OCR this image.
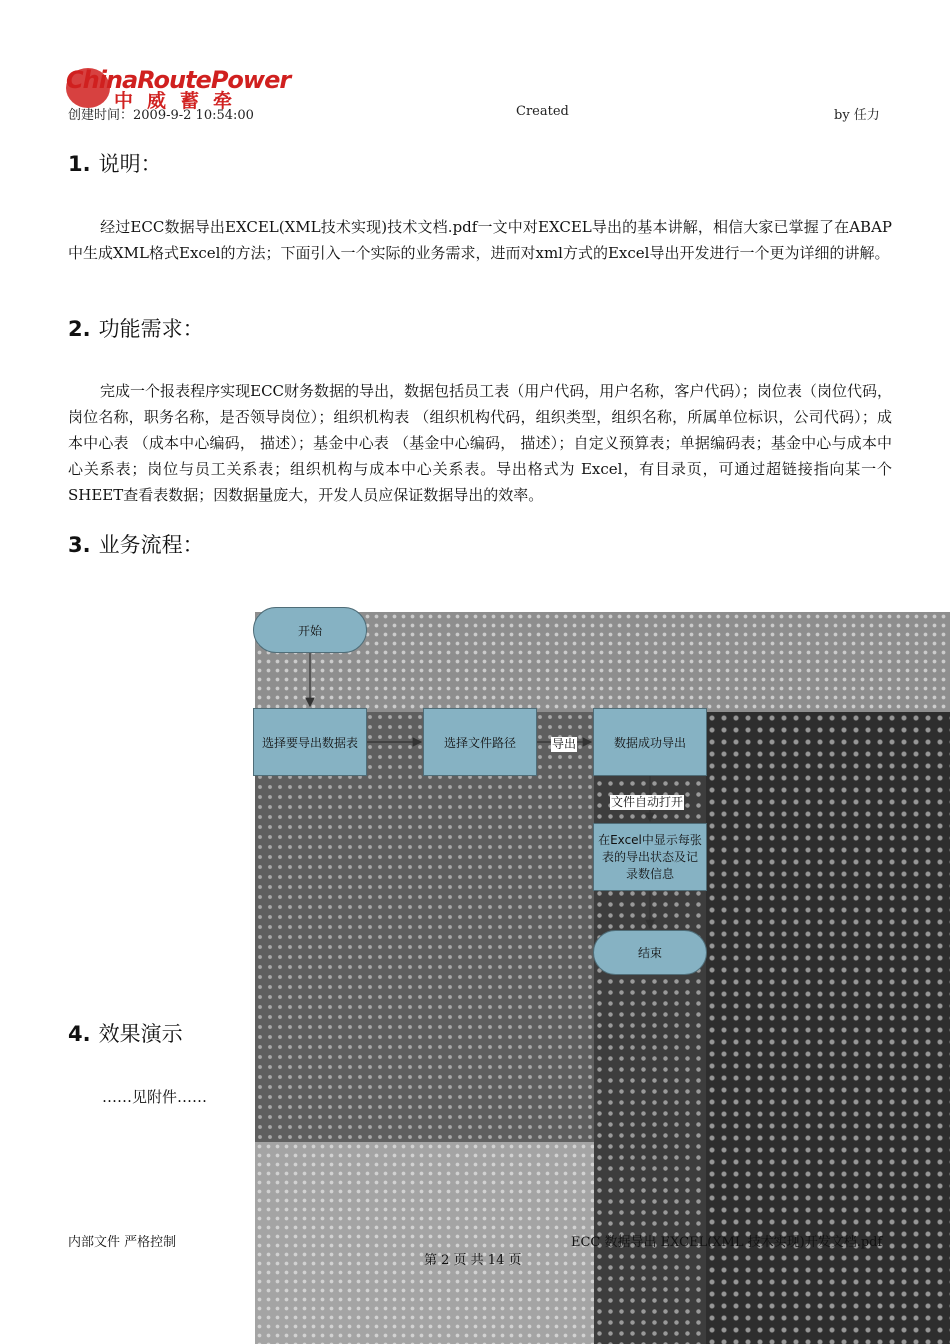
ChinaRoutePower
中威蓄牵
创建时间：2009-9-2 10:54:00	Created	by 任力
1. 说明：
经过ECC数据导出EXCEL(XML技术实现)技术文档.pdf一文中对EXCEL导出的基本讲解，相信大家已掌握了在ABAP中生成XML格式Excel的方法；下面引入一个实际的业务需求，进而对xml方式的Excel导出开发进行一个更为详细的讲解。
2. 功能需求：
完成一个报表程序实现ECC财务数据的导出，数据包括员工表（用户代码，用户名称，客户代码）；岗位表（岗位代码，岗位名称，职务名称，是否领导岗位）；组织机构表 （组织机构代码，组织类型，组织名称，所属单位标识，公司代码）；成本中心表 （成本中心编码， 描述）；基金中心表 （基金中心编码， 描述）；自定义预算表；单据编码表；基金中心与成本中心关系表；岗位与员工关系表；组织机构与成本中心关系表。导出格式为 Excel，有目录页，可通过超链接指向某一个SHEET查看表数据；因数据量庞大，开发人员应保证数据导出的效率。
3. 业务流程：
开始
选择要导出数据表	选择文件路径	导出	数据成功导出
文件自动打开
在Excel中显示每张表的导出状态及记录数信息
结束
4. 效果演示
……见附件……
内部文件 严格控制	ECC 数据导出 EXCEL(XML 技术实现)开发文档.pdf
第 2 页 共 14 页
